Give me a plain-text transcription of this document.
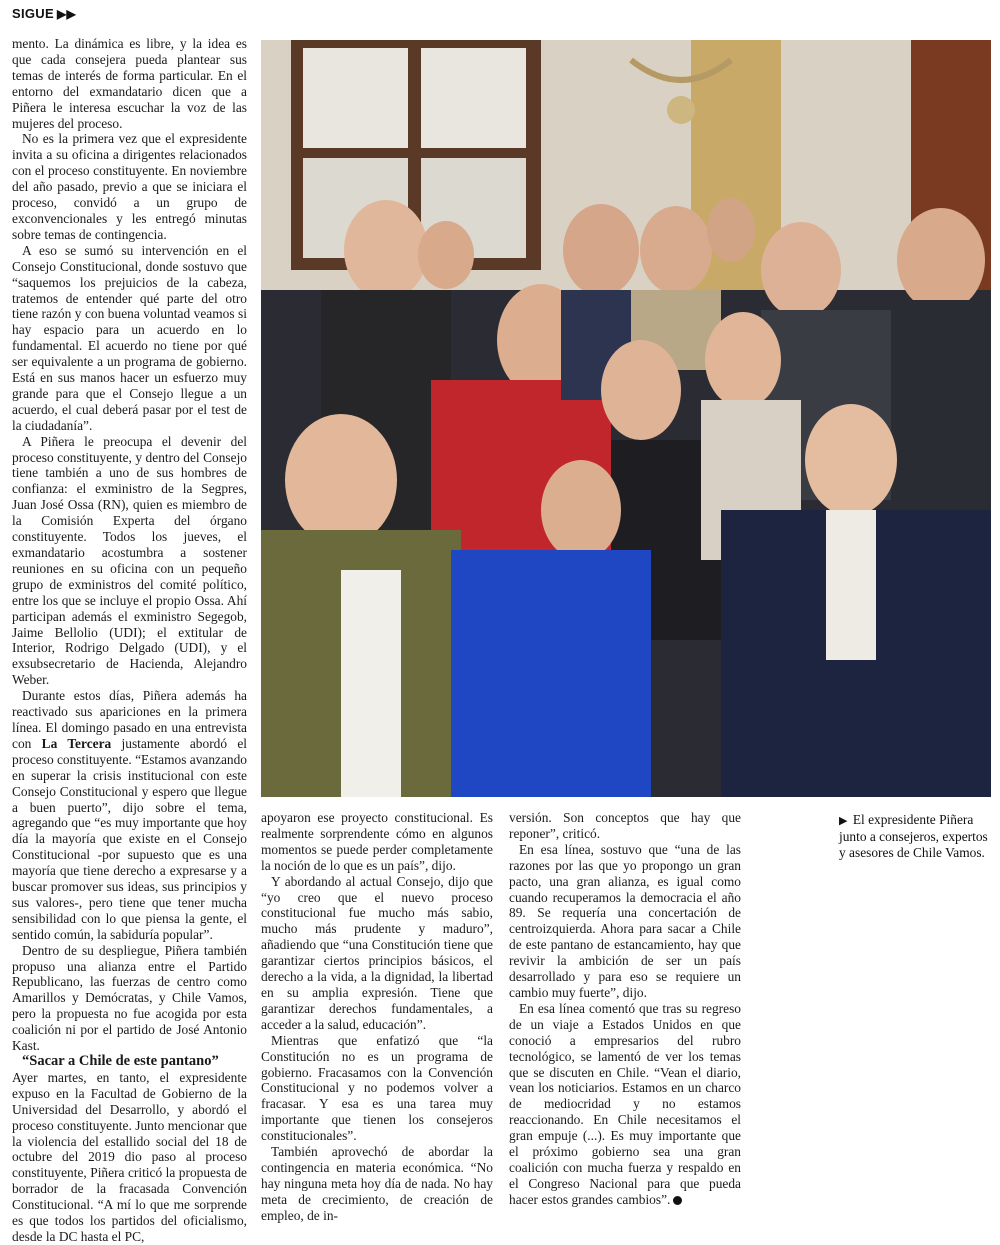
SIGUE ▶▶

mento. La dinámica es libre, y la idea es que cada consejera pueda plantear sus temas de interés de forma particular. En el entorno del exmandatario dicen que a Piñera le interesa escuchar la voz de las mujeres del proceso.

No es la primera vez que el expresidente invita a su oficina a dirigentes relacionados con el proceso constituyente. En noviembre del año pasado, previo a que se iniciara el proceso, convidó a un grupo de exconvencionales y les entregó minutas sobre temas de contingencia.

A eso se sumó su intervención en el Consejo Constitucional, donde sostuvo que “saquemos los prejuicios de la cabeza, tratemos de entender qué parte del otro tiene razón y con buena voluntad veamos si hay espacio para un acuerdo en lo fundamental. El acuerdo no tiene por qué ser equivalente a un programa de gobierno. Está en sus manos hacer un esfuerzo muy grande para que el Consejo llegue a un acuerdo, el cual deberá pasar por el test de la ciudadanía”.

A Piñera le preocupa el devenir del proceso constituyente, y dentro del Consejo tiene también a uno de sus hombres de confianza: el exministro de la Segpres, Juan José Ossa (RN), quien es miembro de la Comisión Experta del órgano constituyente. Todos los jueves, el exmandatario acostumbra a sostener reuniones en su oficina con un pequeño grupo de exministros del comité político, entre los que se incluye el propio Ossa. Ahí participan además el exministro Segegob, Jaime Bellolio (UDI); el extitular de Interior, Rodrigo Delgado (UDI), y el exsubsecretario de Hacienda, Alejandro Weber.

Durante estos días, Piñera además ha reactivado sus apariciones en la primera línea. El domingo pasado en una entrevista con La Tercera justamente abordó el proceso constituyente. “Estamos avanzando en superar la crisis institucional con este Consejo Constitucional y espero que llegue a buen puerto”, dijo sobre el tema, agregando que “es muy importante que hoy día la mayoría que existe en el Consejo Constitucional -por supuesto que es una mayoría que tiene derecho a expresarse y a buscar promover sus ideas, sus principios y sus valores-, pero tiene que tener mucha sensibilidad con lo que piensa la gente, el sentido común, la sabiduría popular”.

Dentro de su despliegue, Piñera también propuso una alianza entre el Partido Republicano, las fuerzas de centro como Amarillos y Demócratas, y Chile Vamos, pero la propuesta no fue acogida por esta coalición ni por el partido de José Antonio Kast.

“Sacar a Chile de este pantano”

Ayer martes, en tanto, el expresidente expuso en la Facultad de Gobierno de la Universidad del Desarrollo, y abordó el proceso constituyente. Junto mencionar que la violencia del estallido social del 18 de octubre del 2019 dio paso al proceso constituyente, Piñera criticó la propuesta de borrador de la fracasada Convención Constitucional. “A mí lo que me sorprende es que todos los partidos del oficialismo, desde la DC hasta el PC,

apoyaron ese proyecto constitucional. Es realmente sorprendente cómo en algunos momentos se puede perder completamente la noción de lo que es un país”, dijo.

Y abordando al actual Consejo, dijo que “yo creo que el nuevo proceso constitucional fue mucho más sabio, mucho más prudente y maduro”, añadiendo que “una Constitución tiene que garantizar ciertos principios básicos, el derecho a la vida, a la dignidad, la libertad en su amplia expresión. Tiene que garantizar derechos fundamentales, a acceder a la salud, educación”.

Mientras que enfatizó que “la Constitución no es un programa de gobierno. Fracasamos con la Convención Constitucional y no podemos volver a fracasar. Y esa es una tarea muy importante que tienen los consejeros constitucionales”.

También aprovechó de abordar la contingencia en materia económica. “No hay ninguna meta hoy día de nada. No hay meta de crecimiento, de creación de empleo, de in-

versión. Son conceptos que hay que reponer”, criticó.

En esa línea, sostuvo que “una de las razones por las que yo propongo un gran pacto, una gran alianza, es igual como cuando recuperamos la democracia el año 89. Se requería una concertación de centroizquierda. Ahora para sacar a Chile de este pantano de estancamiento, hay que revivir la ambición de ser un país desarrollado y para eso se requiere un cambio muy fuerte”, dijo.

En esa línea comentó que tras su regreso de un viaje a Estados Unidos en que conoció a empresarios del rubro tecnológico, se lamentó de ver los temas que se discuten en Chile. “Vean el diario, vean los noticiarios. Estamos en un charco de mediocridad y no estamos reaccionando. En Chile necesitamos el gran empuje (...). Es muy importante que el próximo gobierno sea una gran coalición con mucha fuerza y respaldo en el Congreso Nacional para que pueda hacer estos grandes cambios”.

▶ El expresidente Piñera junto a consejeros, expertos y asesores de Chile Vamos.
